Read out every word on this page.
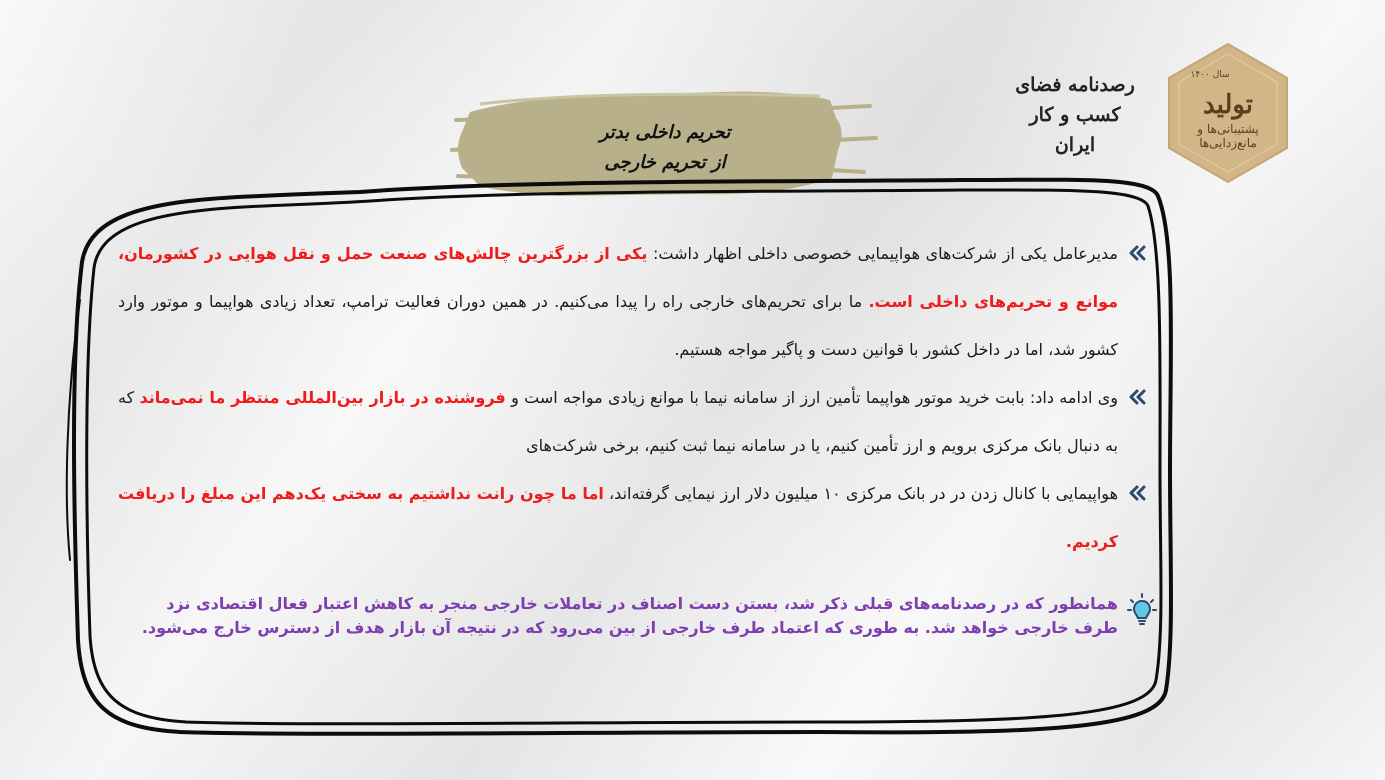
رصدنامه فضای
کسب و کار
ایران
سال ۱۴۰۰
تولید
پشتیبانی‌ها و مانع‌زدایی‌ها
تحریم داخلی بدتر
از تحریم خارجی

مدیرعامل یکی از شرکت‌های هواپیمایی خصوصی داخلی اظهار داشت: یکی از بزرگترین چالش‌های صنعت حمل و نقل هوایی در کشورمان، موانع و تحریم‌های داخلی است. ما برای تحریم‌های خارجی راه را پیدا می‌کنیم. در همین دوران فعالیت ترامپ، تعداد زیادی هواپیما و موتور وارد کشور شد، اما در داخل کشور با قوانین دست و پاگیر مواجه هستیم.

وی ادامه داد: بابت خرید موتور هواپیما تأمین ارز از سامانه نیما با موانع زیادی مواجه است و فروشنده در بازار بین‌المللی منتظر ما نمی‌ماند که به دنبال بانک مرکزی برویم و ارز تأمین کنیم، یا در سامانه نیما ثبت کنیم، برخی شرکت‌های

هواپیمایی با کانال زدن در در بانک مرکزی ۱۰ میلیون دلار ارز نیمایی گرفته‌اند، اما ما چون رانت نداشتیم به سختی یک‌دهم این مبلغ را دریافت کردیم.

همانطور که در رصدنامه‌های قبلی ذکر شد، بستن دست اصناف در تعاملات خارجی منجر به کاهش اعتبار فعال اقتصادی نزد طرف خارجی خواهد شد. به طوری که اعتماد طرف خارجی از بین می‌رود که در نتیجه آن بازار هدف از دسترس خارج می‌شود.
